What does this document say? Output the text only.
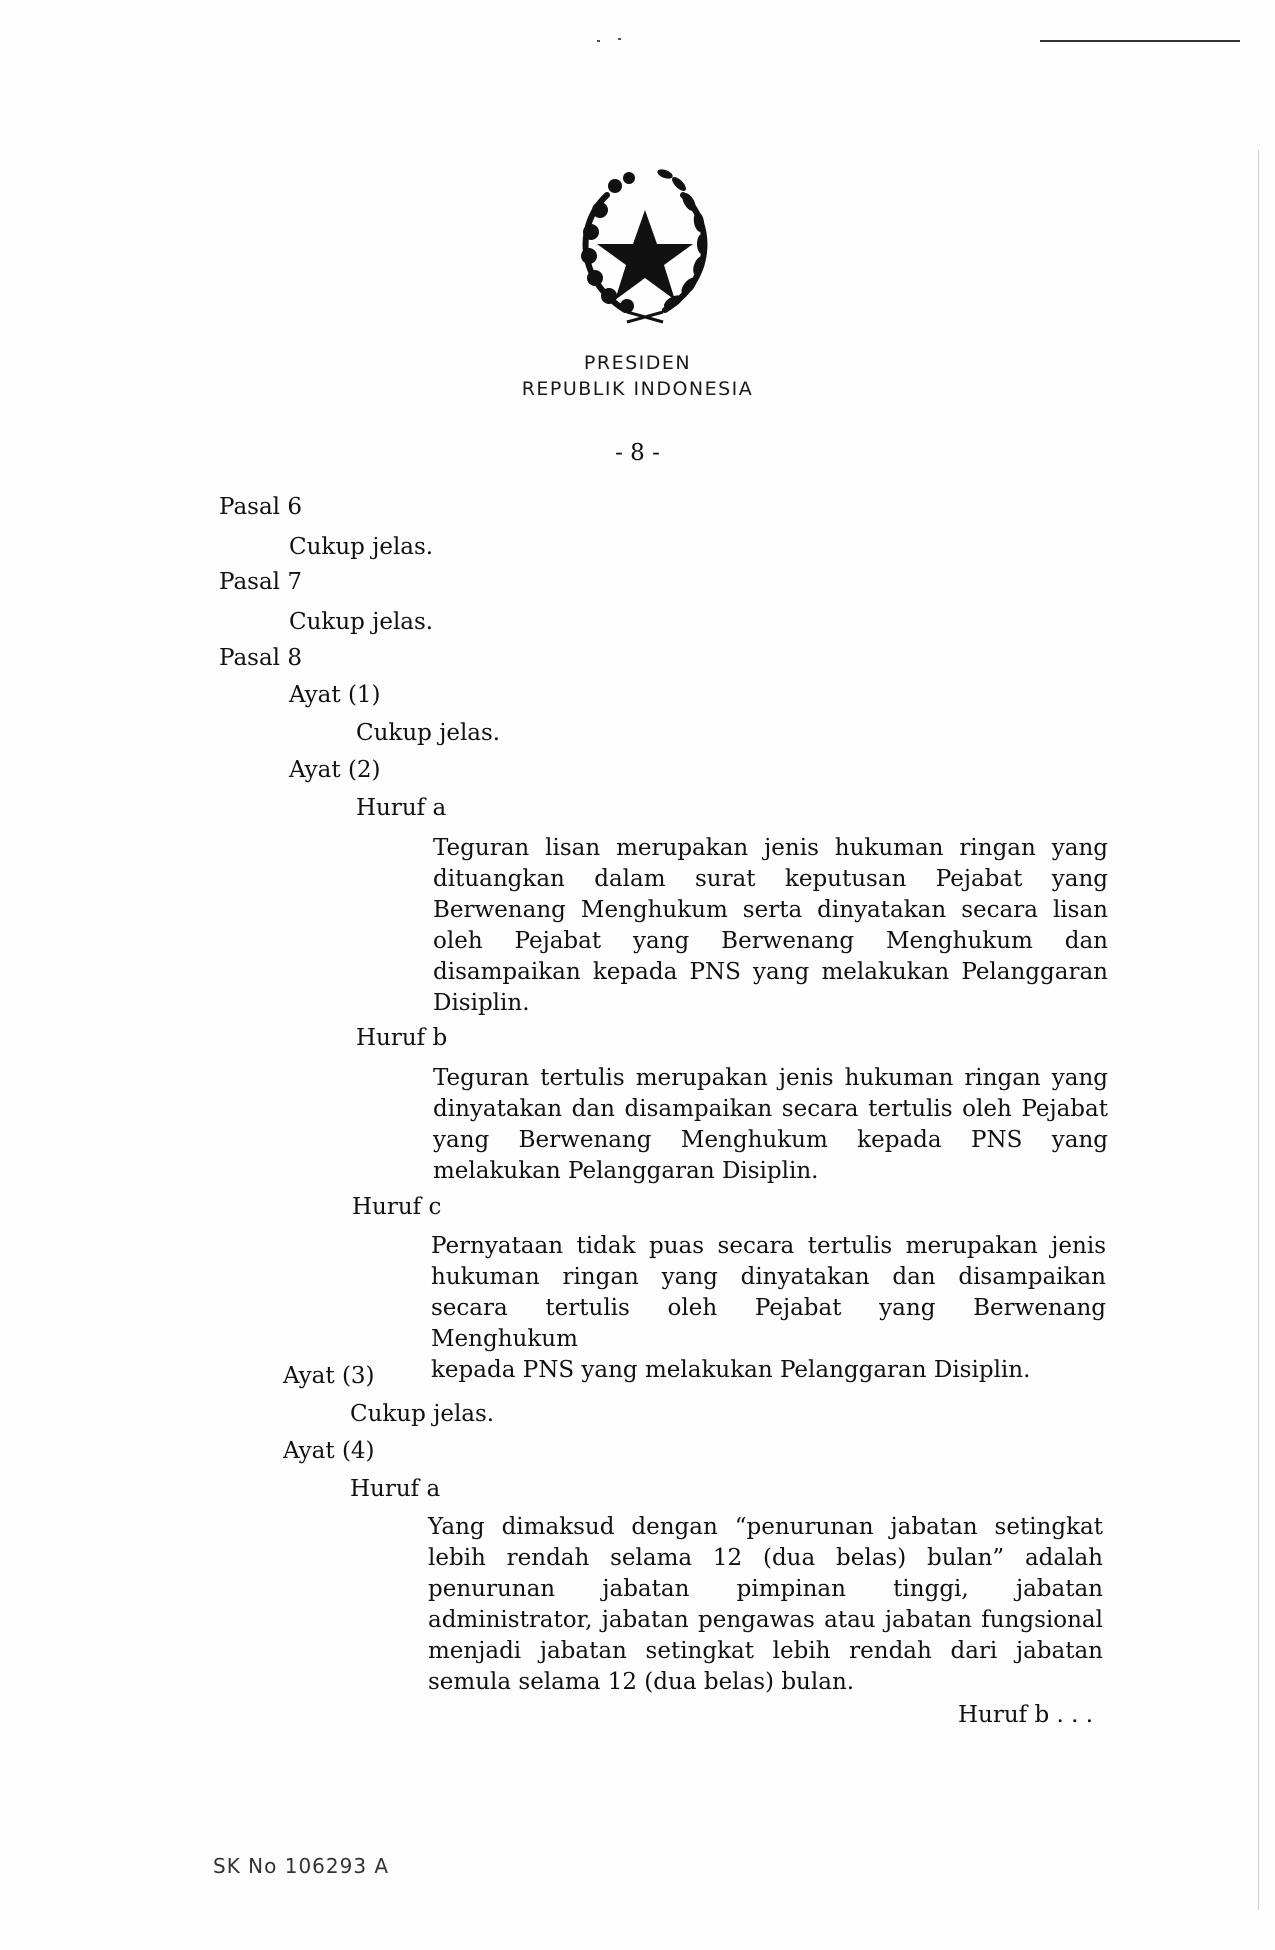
PRESIDEN
REPUBLIK INDONESIA
- 8 -
Pasal 6
Cukup jelas.
Pasal 7
Cukup jelas.
Pasal 8
Ayat (1)
Cukup jelas.
Ayat (2)
Huruf a
Teguran lisan merupakan jenis hukuman ringan yang
dituangkan dalam surat keputusan Pejabat yang
Berwenang Menghukum serta dinyatakan secara lisan
oleh Pejabat yang Berwenang Menghukum dan
disampaikan kepada PNS yang melakukan Pelanggaran
Disiplin.
Huruf b
Teguran tertulis merupakan jenis hukuman ringan yang
dinyatakan dan disampaikan secara tertulis oleh Pejabat
yang Berwenang Menghukum kepada PNS yang
melakukan Pelanggaran Disiplin.
Huruf c
Pernyataan tidak puas secara tertulis merupakan jenis
hukuman ringan yang dinyatakan dan disampaikan
secara tertulis oleh Pejabat yang Berwenang Menghukum
kepada PNS yang melakukan Pelanggaran Disiplin.
Ayat (3)
Cukup jelas.
Ayat (4)
Huruf a
Yang dimaksud dengan “penurunan jabatan setingkat
lebih rendah selama 12 (dua belas) bulan” adalah
penurunan jabatan pimpinan tinggi, jabatan
administrator, jabatan pengawas atau jabatan fungsional
menjadi jabatan setingkat lebih rendah dari jabatan
semula selama 12 (dua belas) bulan.
Huruf b . . .
SK No 106293 A
